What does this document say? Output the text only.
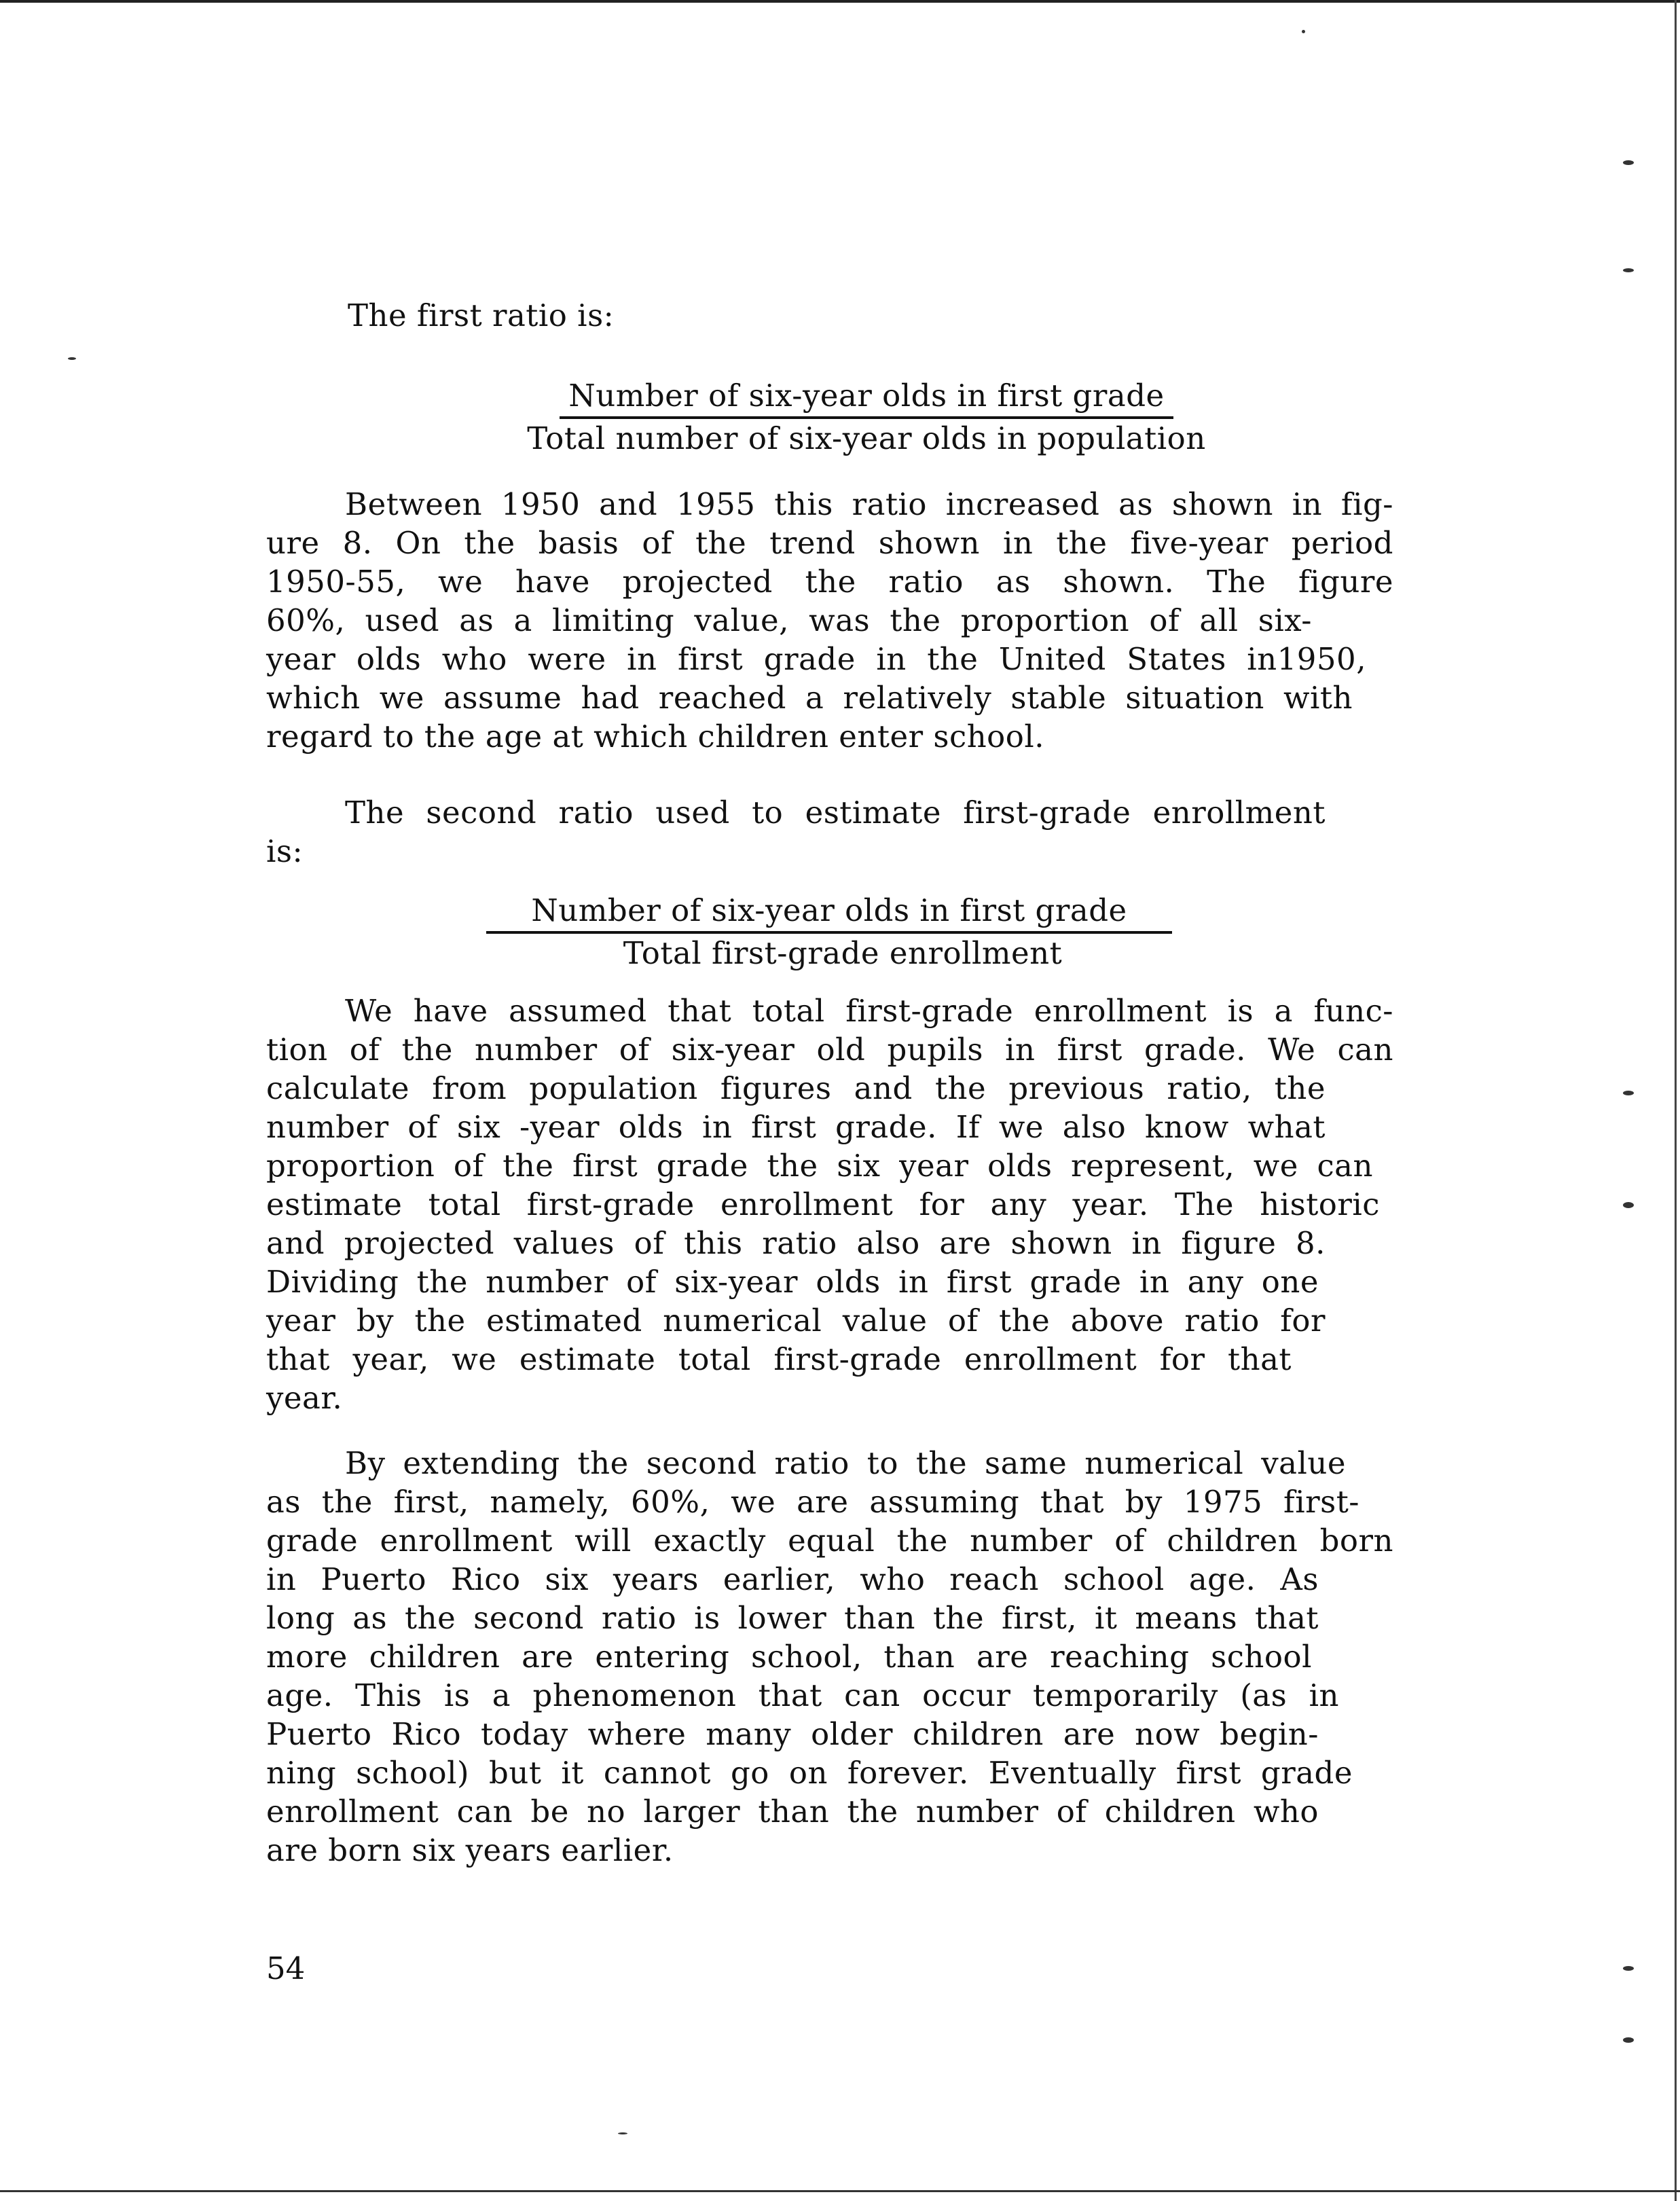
The first ratio is:
Number of six-year olds in first grade
Total number of six-year olds in population
Between 1950 and 1955 this ratio increased as shown in fig-
ure 8. On the basis of the trend shown in the five-year period
1950-55, we have projected the ratio as shown. The figure
60%, used as a limiting value, was the proportion of all six-
year olds who were in first grade in the United States in1950,
which we assume had reached a relatively stable situation with
regard to the age at which children enter school.
The second ratio used to estimate first-grade enrollment
is:
Number of six-year olds in first grade
Total first-grade enrollment
We have assumed that total first-grade enrollment is a func-
tion of the number of six-year old pupils in first grade. We can
calculate from population figures and the previous ratio, the
number of six -year olds in first grade. If we also know what
proportion of the first grade the six year olds represent, we can
estimate total first-grade enrollment for any year. The historic
and projected values of this ratio also are shown in figure 8.
Dividing the number of six-year olds in first grade in any one
year by the estimated numerical value of the above ratio for
that year, we estimate total first-grade enrollment for that
year.
By extending the second ratio to the same numerical value
as the first, namely, 60%, we are assuming that by 1975 first-
grade enrollment will exactly equal the number of children born
in Puerto Rico six years earlier, who reach school age. As
long as the second ratio is lower than the first, it means that
more children are entering school, than are reaching school
age. This is a phenomenon that can occur temporarily (as in
Puerto Rico today where many older children are now begin-
ning school) but it cannot go on forever. Eventually first grade
enrollment can be no larger than the number of children who
are born six years earlier.
54
